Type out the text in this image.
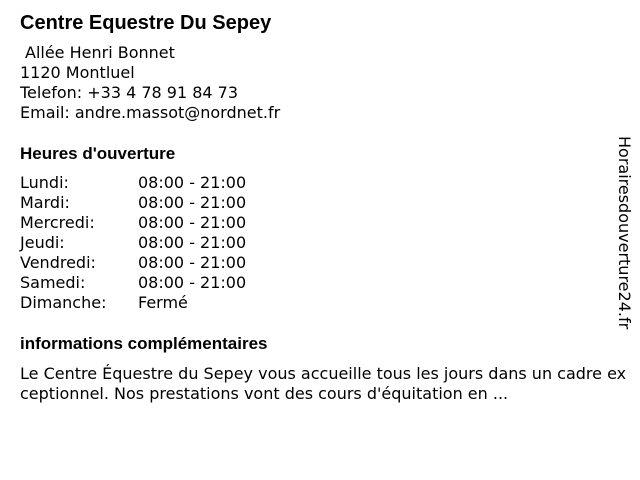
Centre Equestre Du Sepey
Allée Henri Bonnet
1120 Montluel
Telefon: +33 4 78 91 84 73
Email: andre.massot@nordnet.fr
Heures d'ouverture
Lundi:	08:00 - 21:00
Mardi:	08:00 - 21:00
Mercredi:	08:00 - 21:00
Jeudi:	08:00 - 21:00
Vendredi:	08:00 - 21:00
Samedi:	08:00 - 21:00
Dimanche: Fermé
informations complémentaires
Le Centre Équestre du Sepey vous accueille tous les jours dans un cadre exceptionnel. Nos prestations vont des cours d'équitation en ...
Horairesdouverture24.fr
